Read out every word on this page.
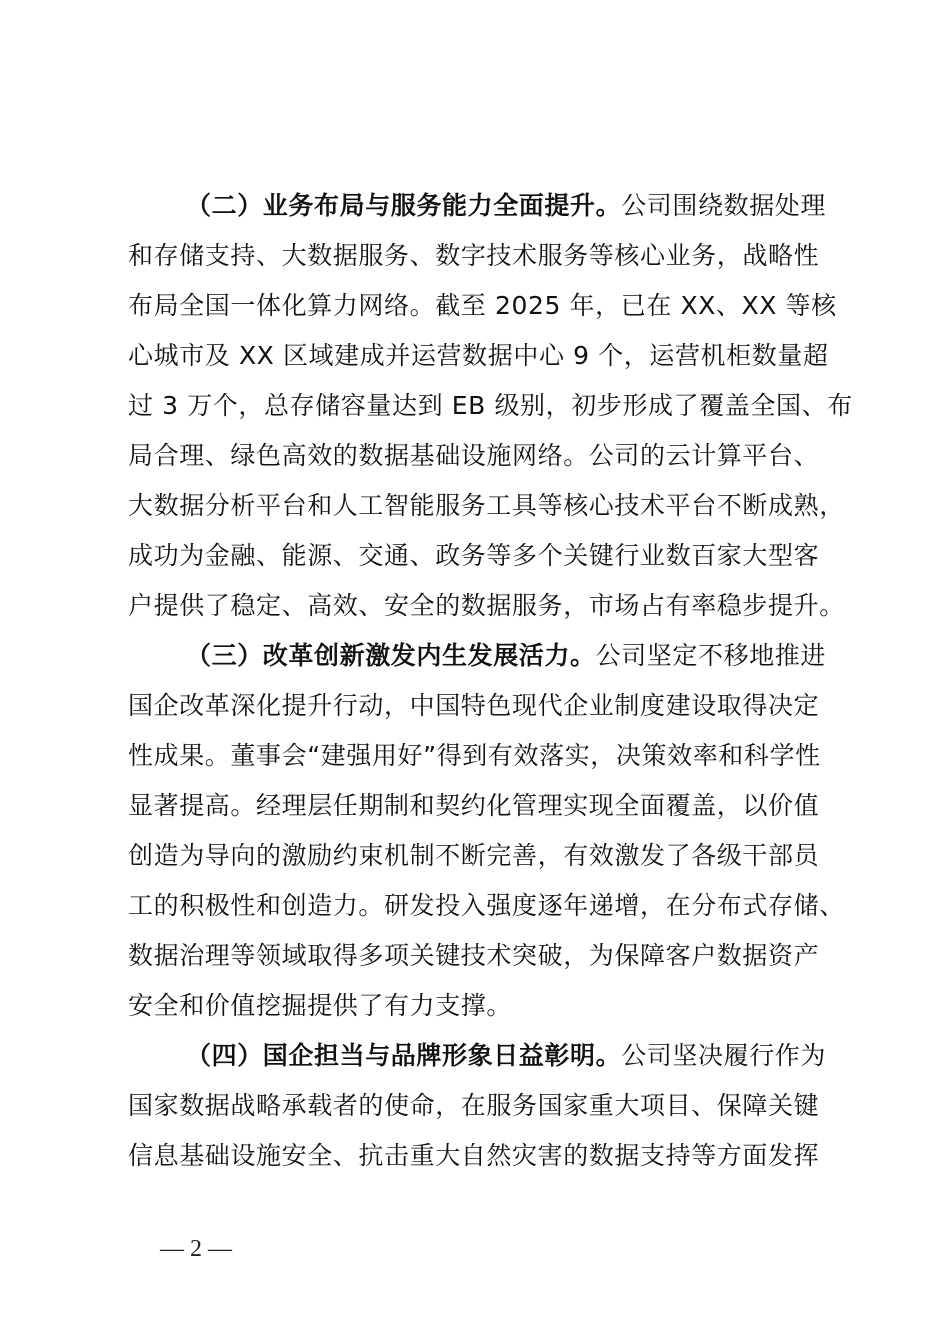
（二）业务布局与服务能力全面提升。公司围绕数据处理
和存储支持、大数据服务、数字技术服务等核心业务，战略性
布局全国一体化算力网络。截至 2025 年，已在 XX、XX 等核
心城市及 XX 区域建成并运营数据中心 9 个，运营机柜数量超
过 3 万个，总存储容量达到 EB 级别，初步形成了覆盖全国、布
局合理、绿色高效的数据基础设施网络。公司的云计算平台、
大数据分析平台和人工智能服务工具等核心技术平台不断成熟，
成功为金融、能源、交通、政务等多个关键行业数百家大型客
户提供了稳定、高效、安全的数据服务，市场占有率稳步提升。
（三）改革创新激发内生发展活力。公司坚定不移地推进
国企改革深化提升行动，中国特色现代企业制度建设取得决定
性成果。董事会“建强用好”得到有效落实，决策效率和科学性
显著提高。经理层任期制和契约化管理实现全面覆盖，以价值
创造为导向的激励约束机制不断完善，有效激发了各级干部员
工的积极性和创造力。研发投入强度逐年递增，在分布式存储、
数据治理等领域取得多项关键技术突破，为保障客户数据资产
安全和价值挖掘提供了有力支撑。
（四）国企担当与品牌形象日益彰明。公司坚决履行作为
国家数据战略承载者的使命，在服务国家重大项目、保障关键
信息基础设施安全、抗击重大自然灾害的数据支持等方面发挥
— 2 —
